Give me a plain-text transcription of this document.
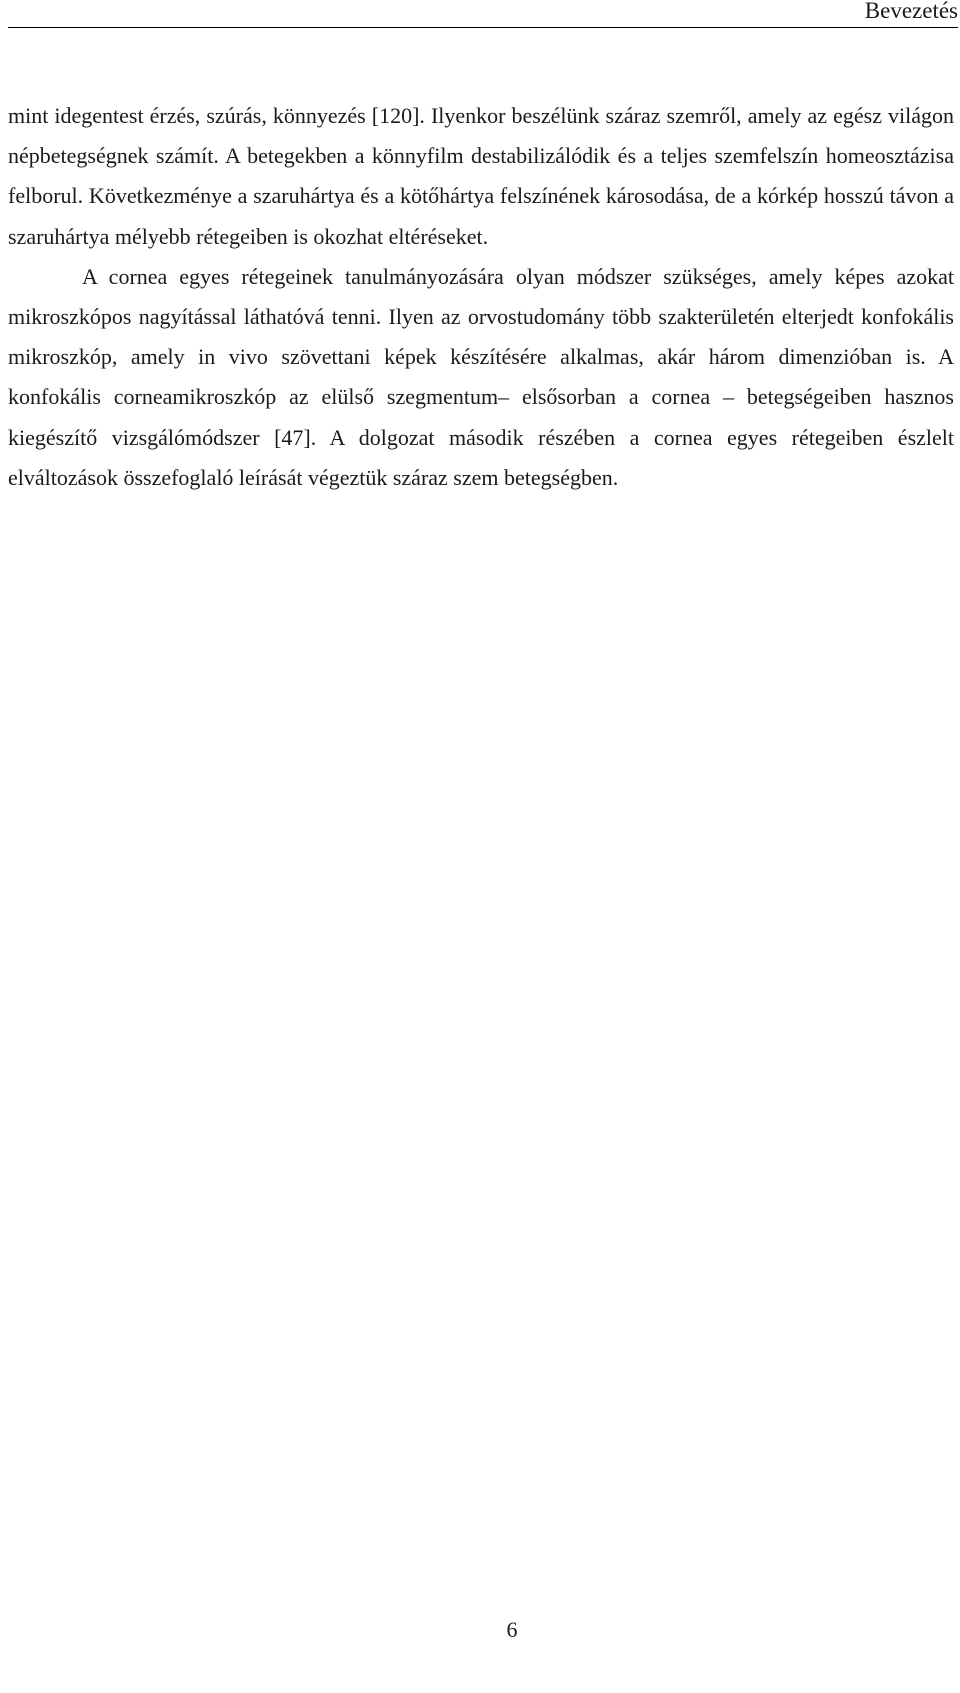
Bevezetés

mint idegentest érzés, szúrás, könnyezés [120]. Ilyenkor beszélünk száraz szemről, amely az egész világon népbetegségnek számít. A betegekben a könnyfilm destabilizálódik és a teljes szemfelszín homeosztázisa felborul. Következménye a szaruhártya és a kötőhártya felszínének károsodása, de a kórkép hosszú távon a szaruhártya mélyebb rétegeiben is okozhat eltéréseket.

A cornea egyes rétegeinek tanulmányozására olyan módszer szükséges, amely képes azokat mikroszkópos nagyítással láthatóvá tenni. Ilyen az orvostudomány több szakterületén elterjedt konfokális mikroszkóp, amely in vivo szövettani képek készítésére alkalmas, akár három dimenzióban is. A konfokális corneamikroszkóp az elülső szegmentum– elsősorban a cornea – betegségeiben hasznos kiegészítő vizsgálómódszer [47]. A dolgozat második részében a cornea egyes rétegeiben észlelt elváltozások összefoglaló leírását végeztük száraz szem betegségben.

6
